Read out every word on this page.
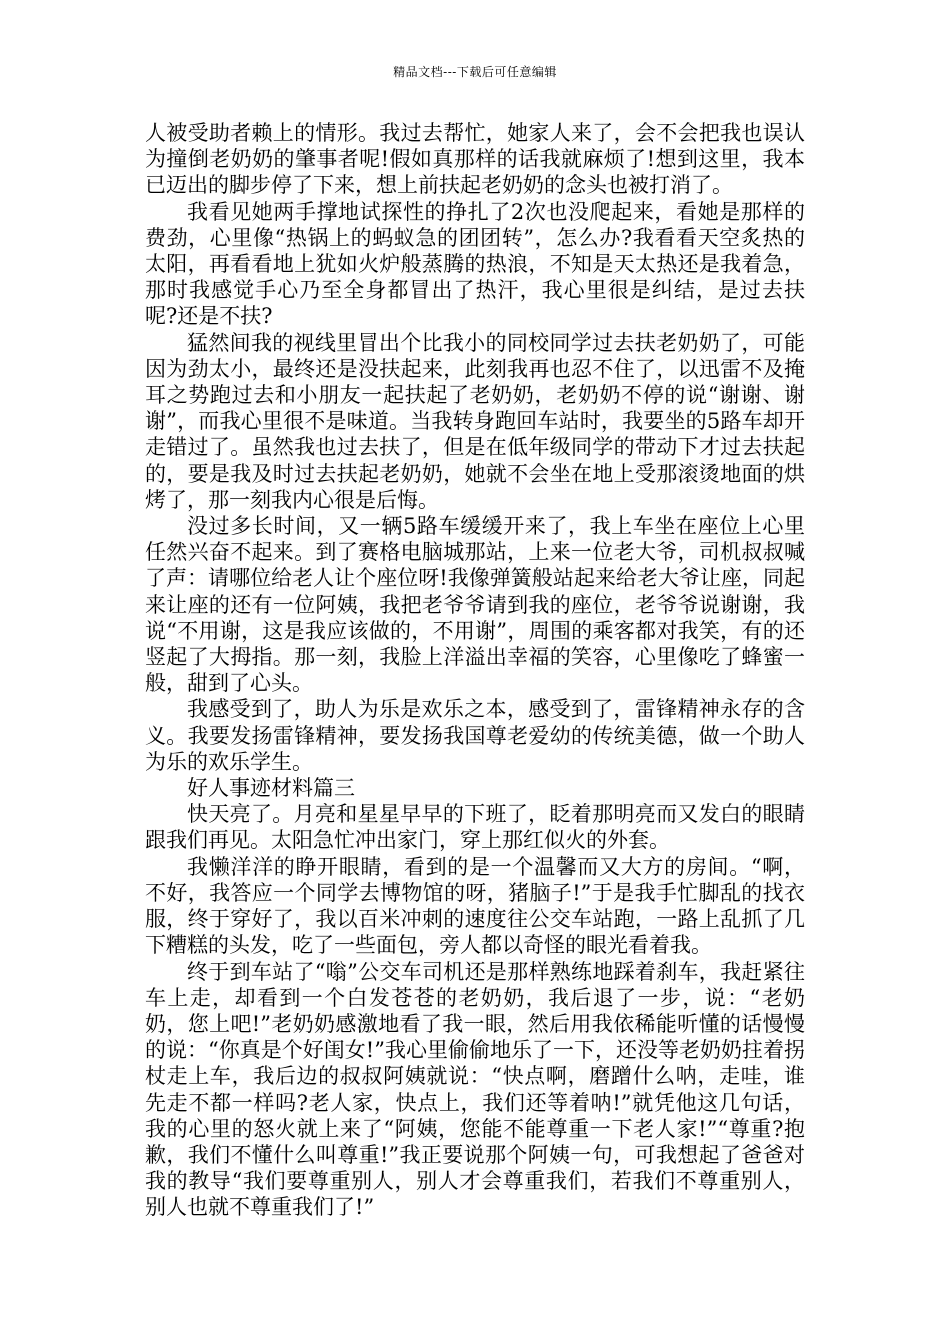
精品文档---下载后可任意编辑

人被受助者赖上的情形。我过去帮忙，她家人来了，会不会把我也误认为撞倒老奶奶的肇事者呢!假如真那样的话我就麻烦了!想到这里，我本已迈出的脚步停了下来，想上前扶起老奶奶的念头也被打消了。

我看见她两手撑地试探性的挣扎了2次也没爬起来，看她是那样的费劲，心里像“热锅上的蚂蚁急的团团转”，怎么办?我看看天空炙热的太阳，再看看地上犹如火炉般蒸腾的热浪，不知是天太热还是我着急，那时我感觉手心乃至全身都冒出了热汗，我心里很是纠结，是过去扶呢?还是不扶?

猛然间我的视线里冒出个比我小的同校同学过去扶老奶奶了，可能因为劲太小，最终还是没扶起来，此刻我再也忍不住了，以迅雷不及掩耳之势跑过去和小朋友一起扶起了老奶奶，老奶奶不停的说“谢谢、谢谢”，而我心里很不是味道。当我转身跑回车站时，我要坐的5路车却开走错过了。虽然我也过去扶了，但是在低年级同学的带动下才过去扶起的，要是我及时过去扶起老奶奶，她就不会坐在地上受那滚烫地面的烘烤了，那一刻我内心很是后悔。

没过多长时间，又一辆5路车缓缓开来了，我上车坐在座位上心里任然兴奋不起来。到了赛格电脑城那站，上来一位老大爷，司机叔叔喊了声：请哪位给老人让个座位呀!我像弹簧般站起来给老大爷让座，同起来让座的还有一位阿姨，我把老爷爷请到我的座位，老爷爷说谢谢，我说“不用谢，这是我应该做的，不用谢”，周围的乘客都对我笑，有的还竖起了大拇指。那一刻，我脸上洋溢出幸福的笑容，心里像吃了蜂蜜一般，甜到了心头。

我感受到了，助人为乐是欢乐之本，感受到了，雷锋精神永存的含义。我要发扬雷锋精神，要发扬我国尊老爱幼的传统美德，做一个助人为乐的欢乐学生。

好人事迹材料篇三

快天亮了。月亮和星星早早的下班了，眨着那明亮而又发白的眼睛跟我们再见。太阳急忙冲出家门，穿上那红似火的外套。

我懒洋洋的睁开眼睛，看到的是一个温馨而又大方的房间。“啊，不好，我答应一个同学去博物馆的呀，猪脑子!”于是我手忙脚乱的找衣服，终于穿好了，我以百米冲刺的速度往公交车站跑，一路上乱抓了几下糟糕的头发，吃了一些面包，旁人都以奇怪的眼光看着我。

终于到车站了“嗡”公交车司机还是那样熟练地踩着刹车，我赶紧往车上走，却看到一个白发苍苍的老奶奶，我后退了一步，说：“老奶奶，您上吧!”老奶奶感激地看了我一眼，然后用我依稀能听懂的话慢慢的说：“你真是个好闺女!”我心里偷偷地乐了一下，还没等老奶奶拄着拐杖走上车，我后边的叔叔阿姨就说：“快点啊，磨蹭什么呐，走哇，谁先走不都一样吗?老人家，快点上，我们还等着呐!”就凭他这几句话，我的心里的怒火就上来了“阿姨，您能不能尊重一下老人家!”“尊重?抱歉，我们不懂什么叫尊重!”我正要说那个阿姨一句，可我想起了爸爸对我的教导“我们要尊重别人，别人才会尊重我们，若我们不尊重别人，别人也就不尊重我们了!”
